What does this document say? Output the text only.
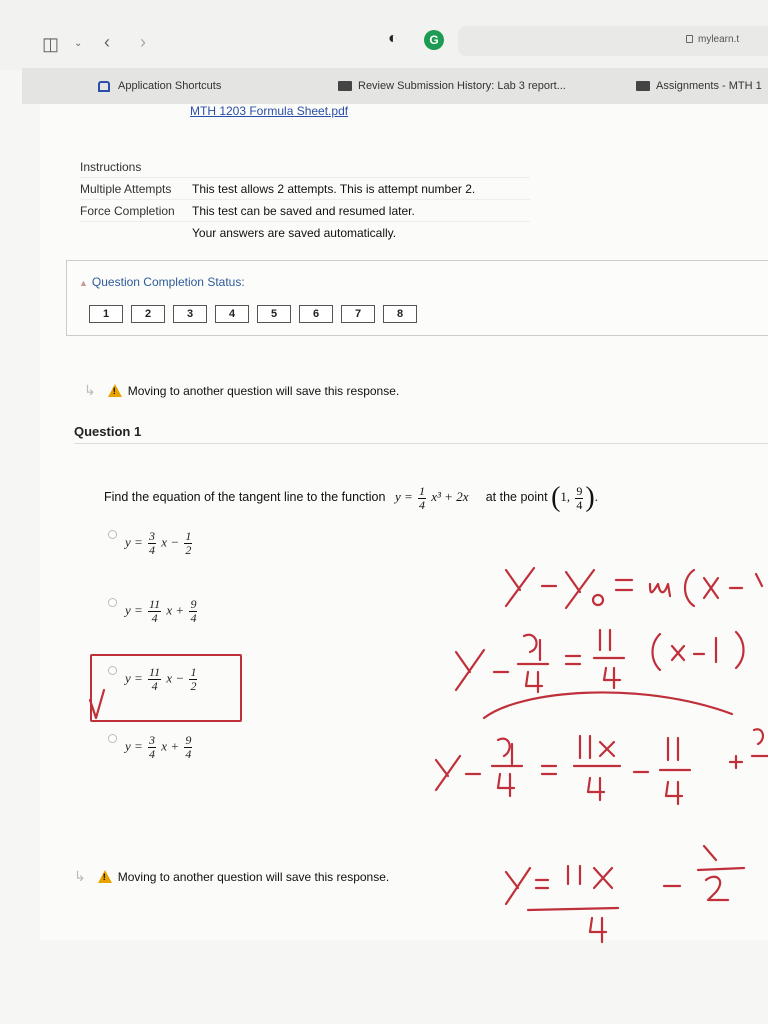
◫ ⌄ ‹ ›	◐	G	mylearn.t
Application Shortcuts	Review Submission History: Lab 3 report...	Assignments - MTH 1
MTH 1203 Formula Sheet.pdf
Instructions
Multiple Attempts	This test allows 2 attempts. This is attempt number 2.
Force Completion	This test can be saved and resumed later.
Your answers are saved automatically.
▲ Question Completion Status:
1	2	3	4	5	6	7	8
↳ !	Moving to another question will save this response.
Question 1
Find the equation of the tangent line to the function $y = \frac{1}{4} x^3 + 2x$ at the point (1, $\frac{9}{4}$ ).
$y = \frac{3}{4}$ $x - \frac{1}{2}$
$y = \frac{11}{4}$ $x + \frac{9}{4}$
$y = \frac{11}{4}$ $x - \frac{1}{2}$
$y = \frac{3}{4}$ $x + \frac{9}{4}$
↳ !	Moving to another question will save this response.
